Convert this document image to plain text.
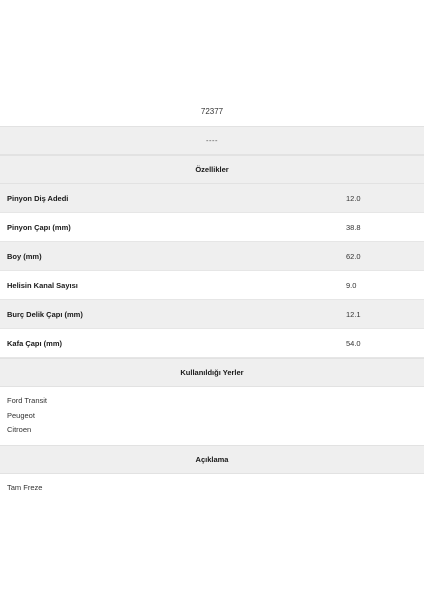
72377
----
Özellikler
Pinyon Diş Adedi	12.0
Pinyon Çapı (mm)	38.8
Boy (mm)	62.0
Helisin Kanal Sayısı	9.0
Burç Delik Çapı (mm)	12.1
Kafa Çapı (mm)	54.0
Kullanıldığı Yerler
Ford Transit
Peugeot
Citroen
Açıklama
Tam Freze
